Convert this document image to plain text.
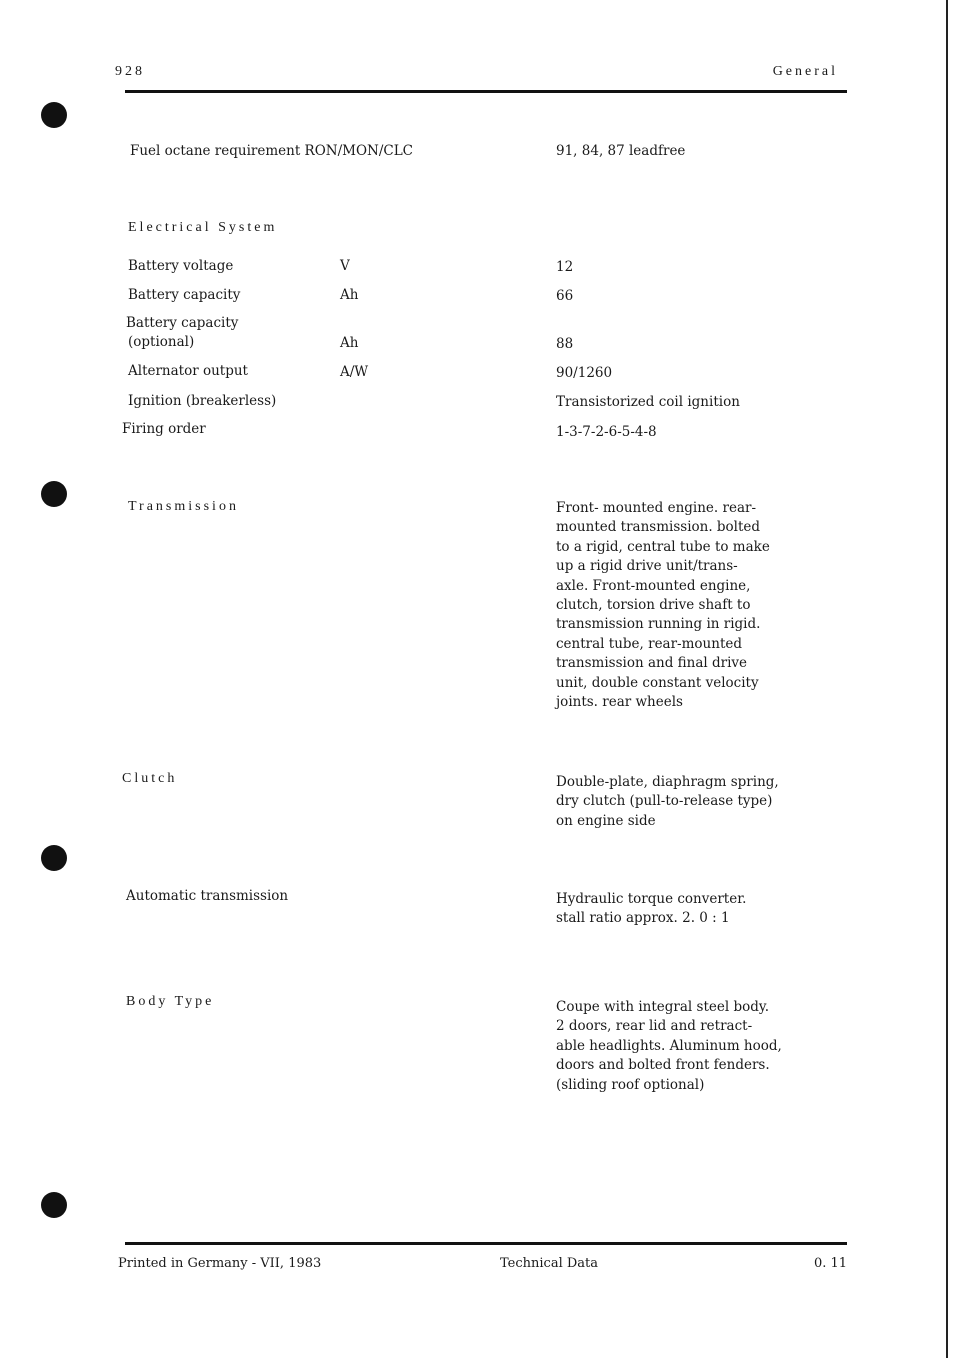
928	General
Fuel octane requirement RON/MON/CLC	91, 84, 87 leadfree
Electrical System
Battery voltage	V	12
Battery capacity	Ah	66
Battery capacity
(optional)	Ah	88
Alternator output	A/W	90/1260
Ignition (breakerless)	Transistorized coil ignition
Firing order	1-3-7-2-6-5-4-8
Transmission	Front- mounted engine. rear-
mounted transmission. bolted
to a rigid, central tube to make
up a rigid drive unit/trans-
axle. Front-mounted engine,
clutch, torsion drive shaft to
transmission running in rigid.
central tube, rear-mounted
transmission and final drive
unit, double constant velocity
joints. rear wheels
Clutch	Double-plate, diaphragm spring,
dry clutch (pull-to-release type)
on engine side
Automatic transmission	Hydraulic torque converter.
stall ratio approx. 2. 0 : 1
Body Type	Coupe with integral steel body.
2 doors, rear lid and retract-
able headlights. Aluminum hood,
doors and bolted front fenders.
(sliding roof optional)
Printed in Germany - VII, 1983	Technical Data	0. 11
